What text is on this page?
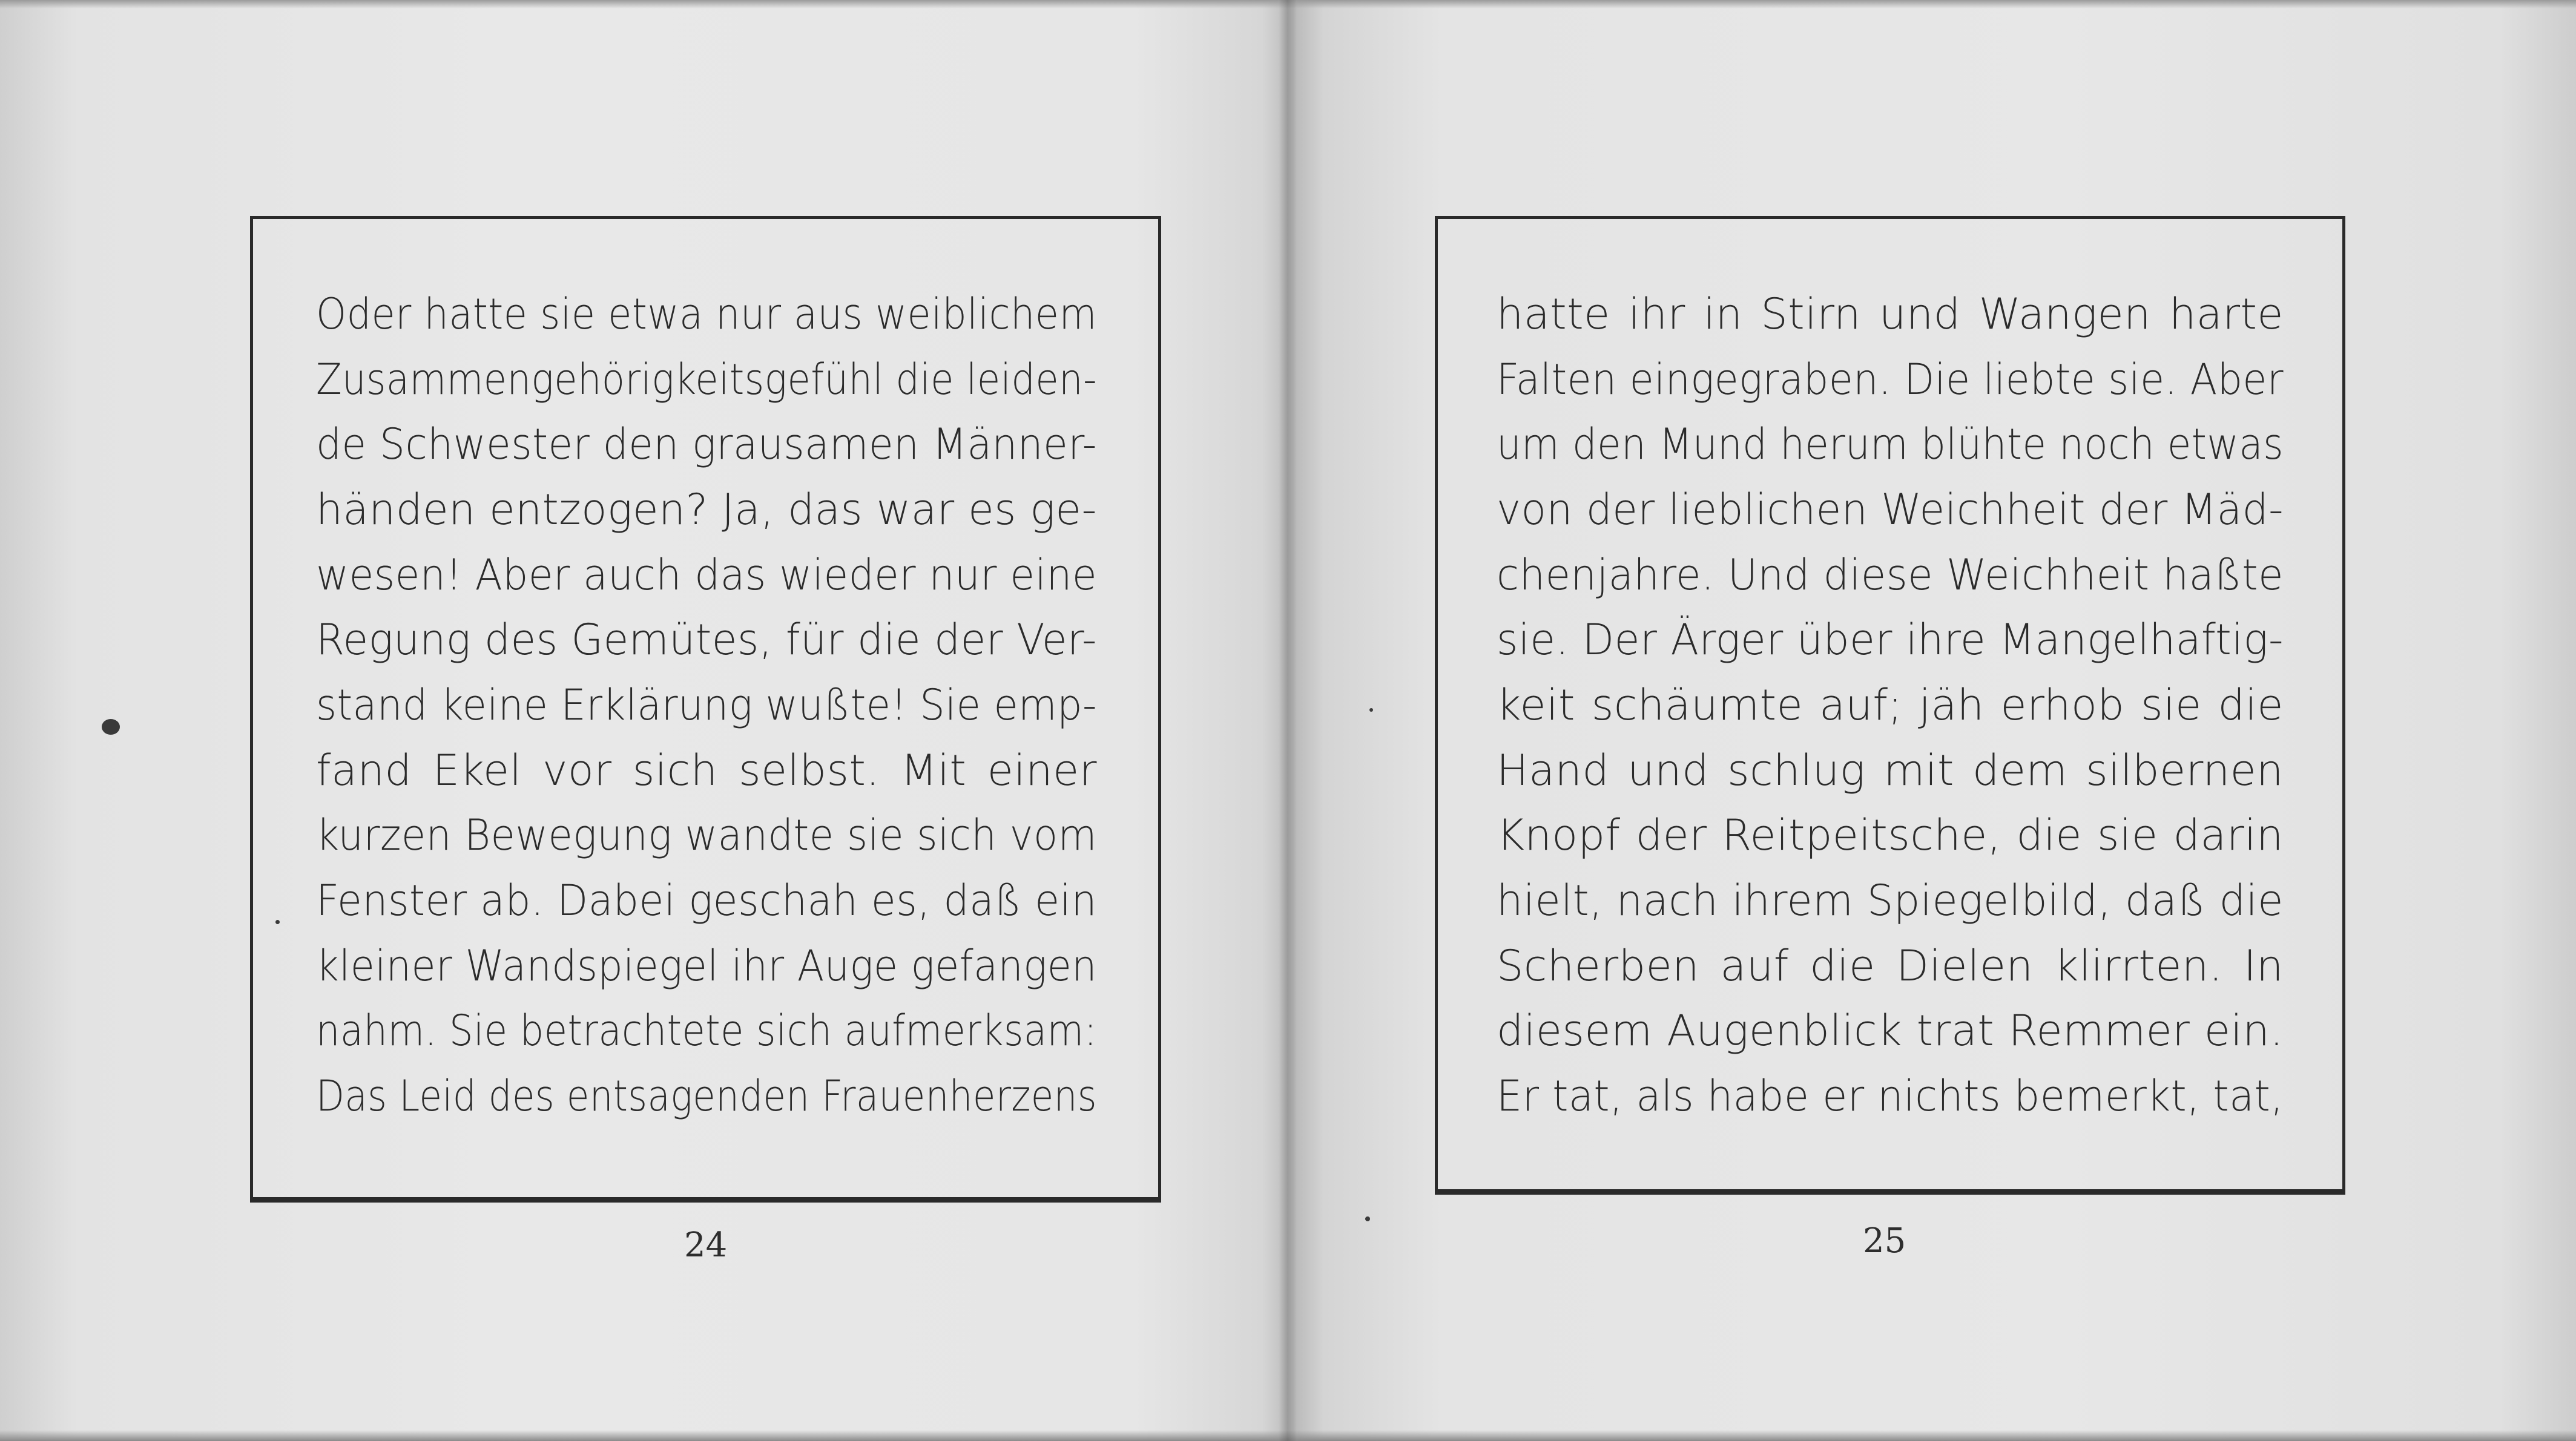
Oder hatte sie etwa nur aus weiblichem
Zusammengehörigkeitsgefühl die leiden-
de Schwester den grausamen Männer-
händen entzogen? Ja, das war es ge-
wesen! Aber auch das wieder nur eine
Regung des Gemütes, für die der Ver-
stand keine Erklärung wußte! Sie emp-
fand Ekel vor sich selbst. Mit einer
kurzen Bewegung wandte sie sich vom
Fenster ab. Dabei geschah es, daß ein
kleiner Wandspiegel ihr Auge gefangen
nahm. Sie betrachtete sich aufmerksam:
Das Leid des entsagenden Frauenherzens
24
hatte ihr in Stirn und Wangen harte
Falten eingegraben. Die liebte sie. Aber
um den Mund herum blühte noch etwas
von der lieblichen Weichheit der Mäd-
chenjahre. Und diese Weichheit haßte
sie. Der Ärger über ihre Mangelhaftig-
keit schäumte auf; jäh erhob sie die
Hand und schlug mit dem silbernen
Knopf der Reitpeitsche, die sie darin
hielt, nach ihrem Spiegelbild, daß die
Scherben auf die Dielen klirrten. In
diesem Augenblick trat Remmer ein.
Er tat, als habe er nichts bemerkt, tat,
25
